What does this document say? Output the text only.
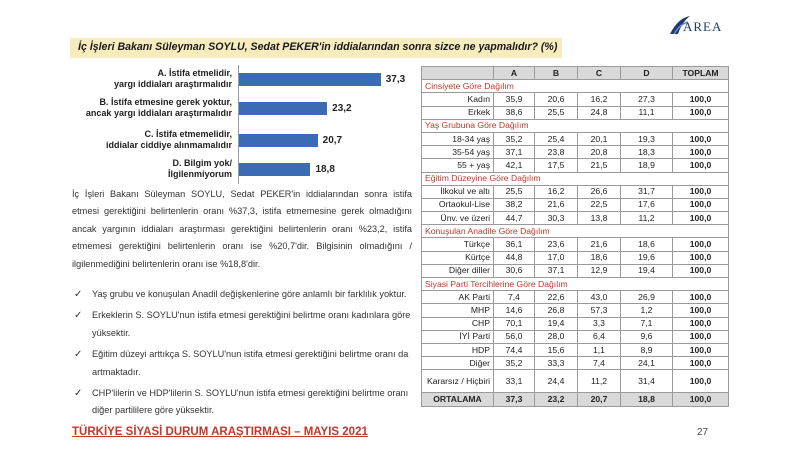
AREA
İç İşleri Bakanı Süleyman SOYLU, Sedat PEKER'in iddialarından sonra sizce ne yapmalıdır? (%)
A. İstifa etmelidir,
yargı iddiaları araştırmalıdır	37,3
B. İstifa etmesine gerek yoktur,
ancak yargı iddiaları araştırmalıdır	23,2
C. İstifa etmemelidir,
iddialar ciddiye alınmamalıdır	20,7
D. Bilgim yok/
İlgilenmiyorum	18,8
İç İşleri Bakanı Süleyman SOYLU, Sedat PEKER'in iddialarından sonra istifa etmesi gerektiğini belirtenlerin oranı %37,3, istifa etmemesine gerek olmadığını ancak yargının iddiaları araştırması gerektiğini belirtenlerin oranı %23,2, istifa etmemesi gerektiğini belirtenlerin oranı ise %20,7'dir. Bilgisinin olmadığını / ilgilenmediğini belirtenlerin oranı ise %18,8'dir.
✓ Yaş grubu ve konuşulan Anadil değişkenlerine göre anlamlı bir farklılık yoktur.
✓ Erkeklerin S. SOYLU'nun istifa etmesi gerektiğini belirtme oranı kadınlara göre yüksektir.
✓ Eğitim düzeyi arttıkça S. SOYLU'nun istifa etmesi gerektiğini belirtme oranı da artmaktadır.
✓ CHP'lilerin ve HDP'lilerin S. SOYLU'nun istifa etmesi gerektiğini belirtme oranı diğer partililere göre yüksektir.
	A	B	C	D	TOPLAM
Cinsiyete Göre Dağılım					
Kadın	35,9	20,6	16,2	27,3	100,0
Erkek	38,6	25,5	24,8	11,1	100,0
Yaş Grubuna Göre Dağılım					
18-34 yaş	35,2	25,4	20,1	19,3	100,0
35-54 yaş	37,1	23,8	20,8	18,3	100,0
55 + yaş	42,1	17,5	21,5	18,9	100,0
Eğitim Düzeyine Göre Dağılım					
İlkokul ve altı	25,5	16,2	26,6	31,7	100,0
Ortaokul-Lise	38,2	21,6	22,5	17,6	100,0
Ünv. ve üzeri	44,7	30,3	13,8	11,2	100,0
Konuşulan Anadile Göre Dağılım					
Türkçe	36,1	23,6	21,6	18,6	100,0
Kürtçe	44,8	17,0	18,6	19,6	100,0
Diğer diller	30,6	37,1	12,9	19,4	100,0
Siyasi Parti Tercihlerine Göre Dağılım					
AK Parti	7,4	22,6	43,0	26,9	100,0
MHP	14,6	26,8	57,3	1,2	100,0
CHP	70,1	19,4	3,3	7,1	100,0
İYİ Parti	56,0	28,0	6,4	9,6	100,0
HDP	74,4	15,6	1,1	8,9	100,0
Diğer	35,2	33,3	7,4	24,1	100,0
Kararsız / Hiçbiri	33,1	24,4	11,2	31,4	100,0
ORTALAMA	37,3	23,2	20,7	18,8	100,0
TÜRKİYE SİYASİ DURUM ARAŞTIRMASI – MAYIS 2021	27
